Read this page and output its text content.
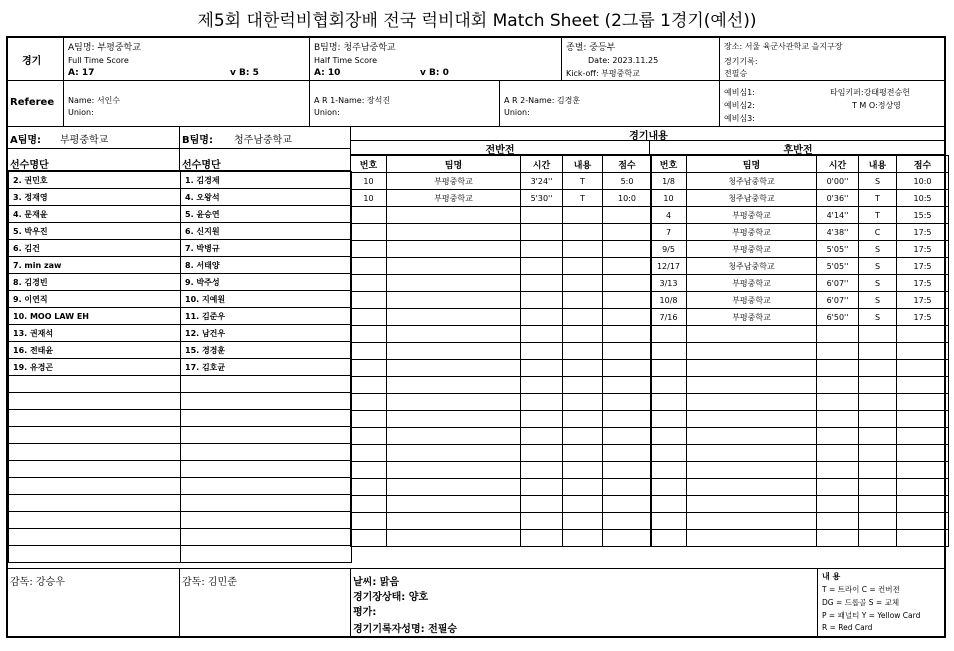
제5회 대한럭비협회장배 전국 럭비대회 Match Sheet (2그룹 1경기(예선))
경기
A팀명: 부평중학교
Full Time Score
A: 17	v B: 5
B팀명: 청주남중학교
Half Time Score
A: 10	v B: 0
종별: 중등부
Date: 2023.11.25
Kick-off: 부평중학교
장소: 서울 육군사관학교 을지구장
경기기록:
전필승
Referee Name: 서인수
Union:
A R 1-Name: 장석진
Union:
A R 2-Name: 김경훈
Union:
예비심1:
예비심2:
예비심3:
타임키퍼:강태평전승헌
T M O:정상영
A팀명: 부평중학교	B팀명: 청주남중학교
선수명단	선수명단
2. 권민호	1. 김경제
3. 정재영	4. 오왕석
4. 문재윤	5. 윤승연
5. 박우진	6. 신지원
6. 김건	7. 박병규
7. min zaw	8. 서태양
8. 김경빈	9. 박주성
9. 이연직	10. 지예원
10. MOO LAW EH	11. 김준우
13. 권재석	12. 남건우
16. 전태윤	15. 경경훈
19. 유경곤	17. 김호균

경기내용
전반전	후반전
번호	팀명	시간	내용	점수
10	부평중학교	3'24''	T	5:0
10	부평중학교	5'30''	T	10:0

번호	팀명	시간	내용	점수
1/8	청주남중학교	0'00''	S	10:0
10	청주남중학교	0'36''	T	10:5
4	부평중학교	4'14''	T	15:5
7	부평중학교	4'38''	C	17:5
9/5	부평중학교	5'05''	S	17:5
12/17	청주남중학교	5'05''	S	17:5
3/13	부평중학교	6'07''	S	17:5
10/8	부평중학교	6'07''	S	17:5
7/16	부평중학교	6'50''	S	17:5

감독: 강승우	감독: 김민준	날씨: 맑음
경기장상태: 양호
평가:
경기기록자성명: 전필승
내 용
T = 트라이 C = 컨버젼
DG = 드롭골 S = 교체
P = 패널티 Y = Yellow Card
R = Red Card
